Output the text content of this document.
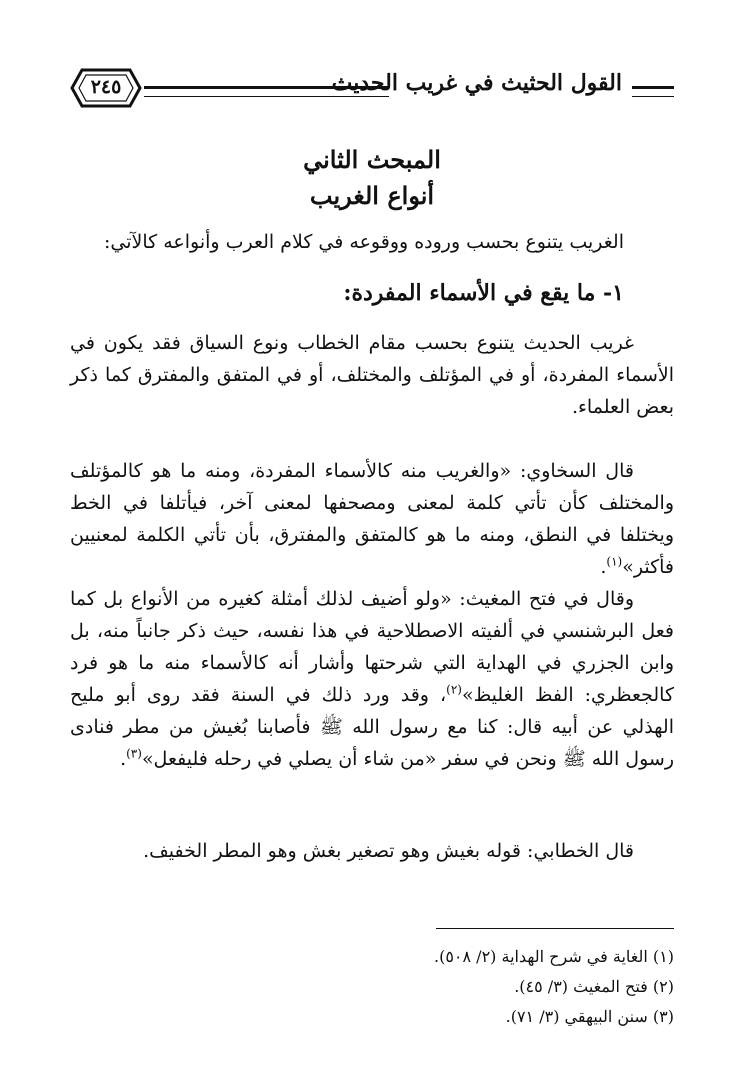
القول الحثيث في غريب الحديث
٢٤٥
المبحث الثاني
أنواع الغريب
الغريب يتنوع بحسب وروده ووقوعه في كلام العرب وأنواعه كالآتي:
١- ما يقع في الأسماء المفردة:
غريب الحديث يتنوع بحسب مقام الخطاب ونوع السياق فقد يكون في الأسماء المفردة، أو في المؤتلف والمختلف، أو في المتفق والمفترق كما ذكر بعض العلماء.
قال السخاوي: «والغريب منه كالأسماء المفردة، ومنه ما هو كالمؤتلف والمختلف كأن تأتي كلمة لمعنى ومصحفها لمعنى آخر، فيأتلفا في الخط ويختلفا في النطق، ومنه ما هو كالمتفق والمفترق، بأن تأتي الكلمة لمعنيين فأكثر»$^{(١)}$.
وقال في فتح المغيث: «ولو أضيف لذلك أمثلة كغيره من الأنواع بل كما فعل البرشنسي في ألفيته الاصطلاحية في هذا نفسه، حيث ذكر جانباً منه، بل وابن الجزري في الهداية التي شرحتها وأشار أنه كالأسماء منه ما هو فرد كالجعظري: الفظ الغليظ»$^{(٢)}$، وقد ورد ذلك في السنة فقد روى أبو مليح الهذلي عن أبيه قال: كنا مع رسول الله ﷺ فأصابنا بُغيش من مطر فنادى رسول الله ﷺ ونحن في سفر «من شاء أن يصلي في رحله فليفعل»$^{(٣)}$.
قال الخطابي: قوله بغيش وهو تصغير بغش وهو المطر الخفيف.
(١) الغاية في شرح الهداية (٢/ ٥٠٨).
(٢) فتح المغيث (٣/ ٤٥).
(٣) سنن البيهقي (٣/ ٧١).
